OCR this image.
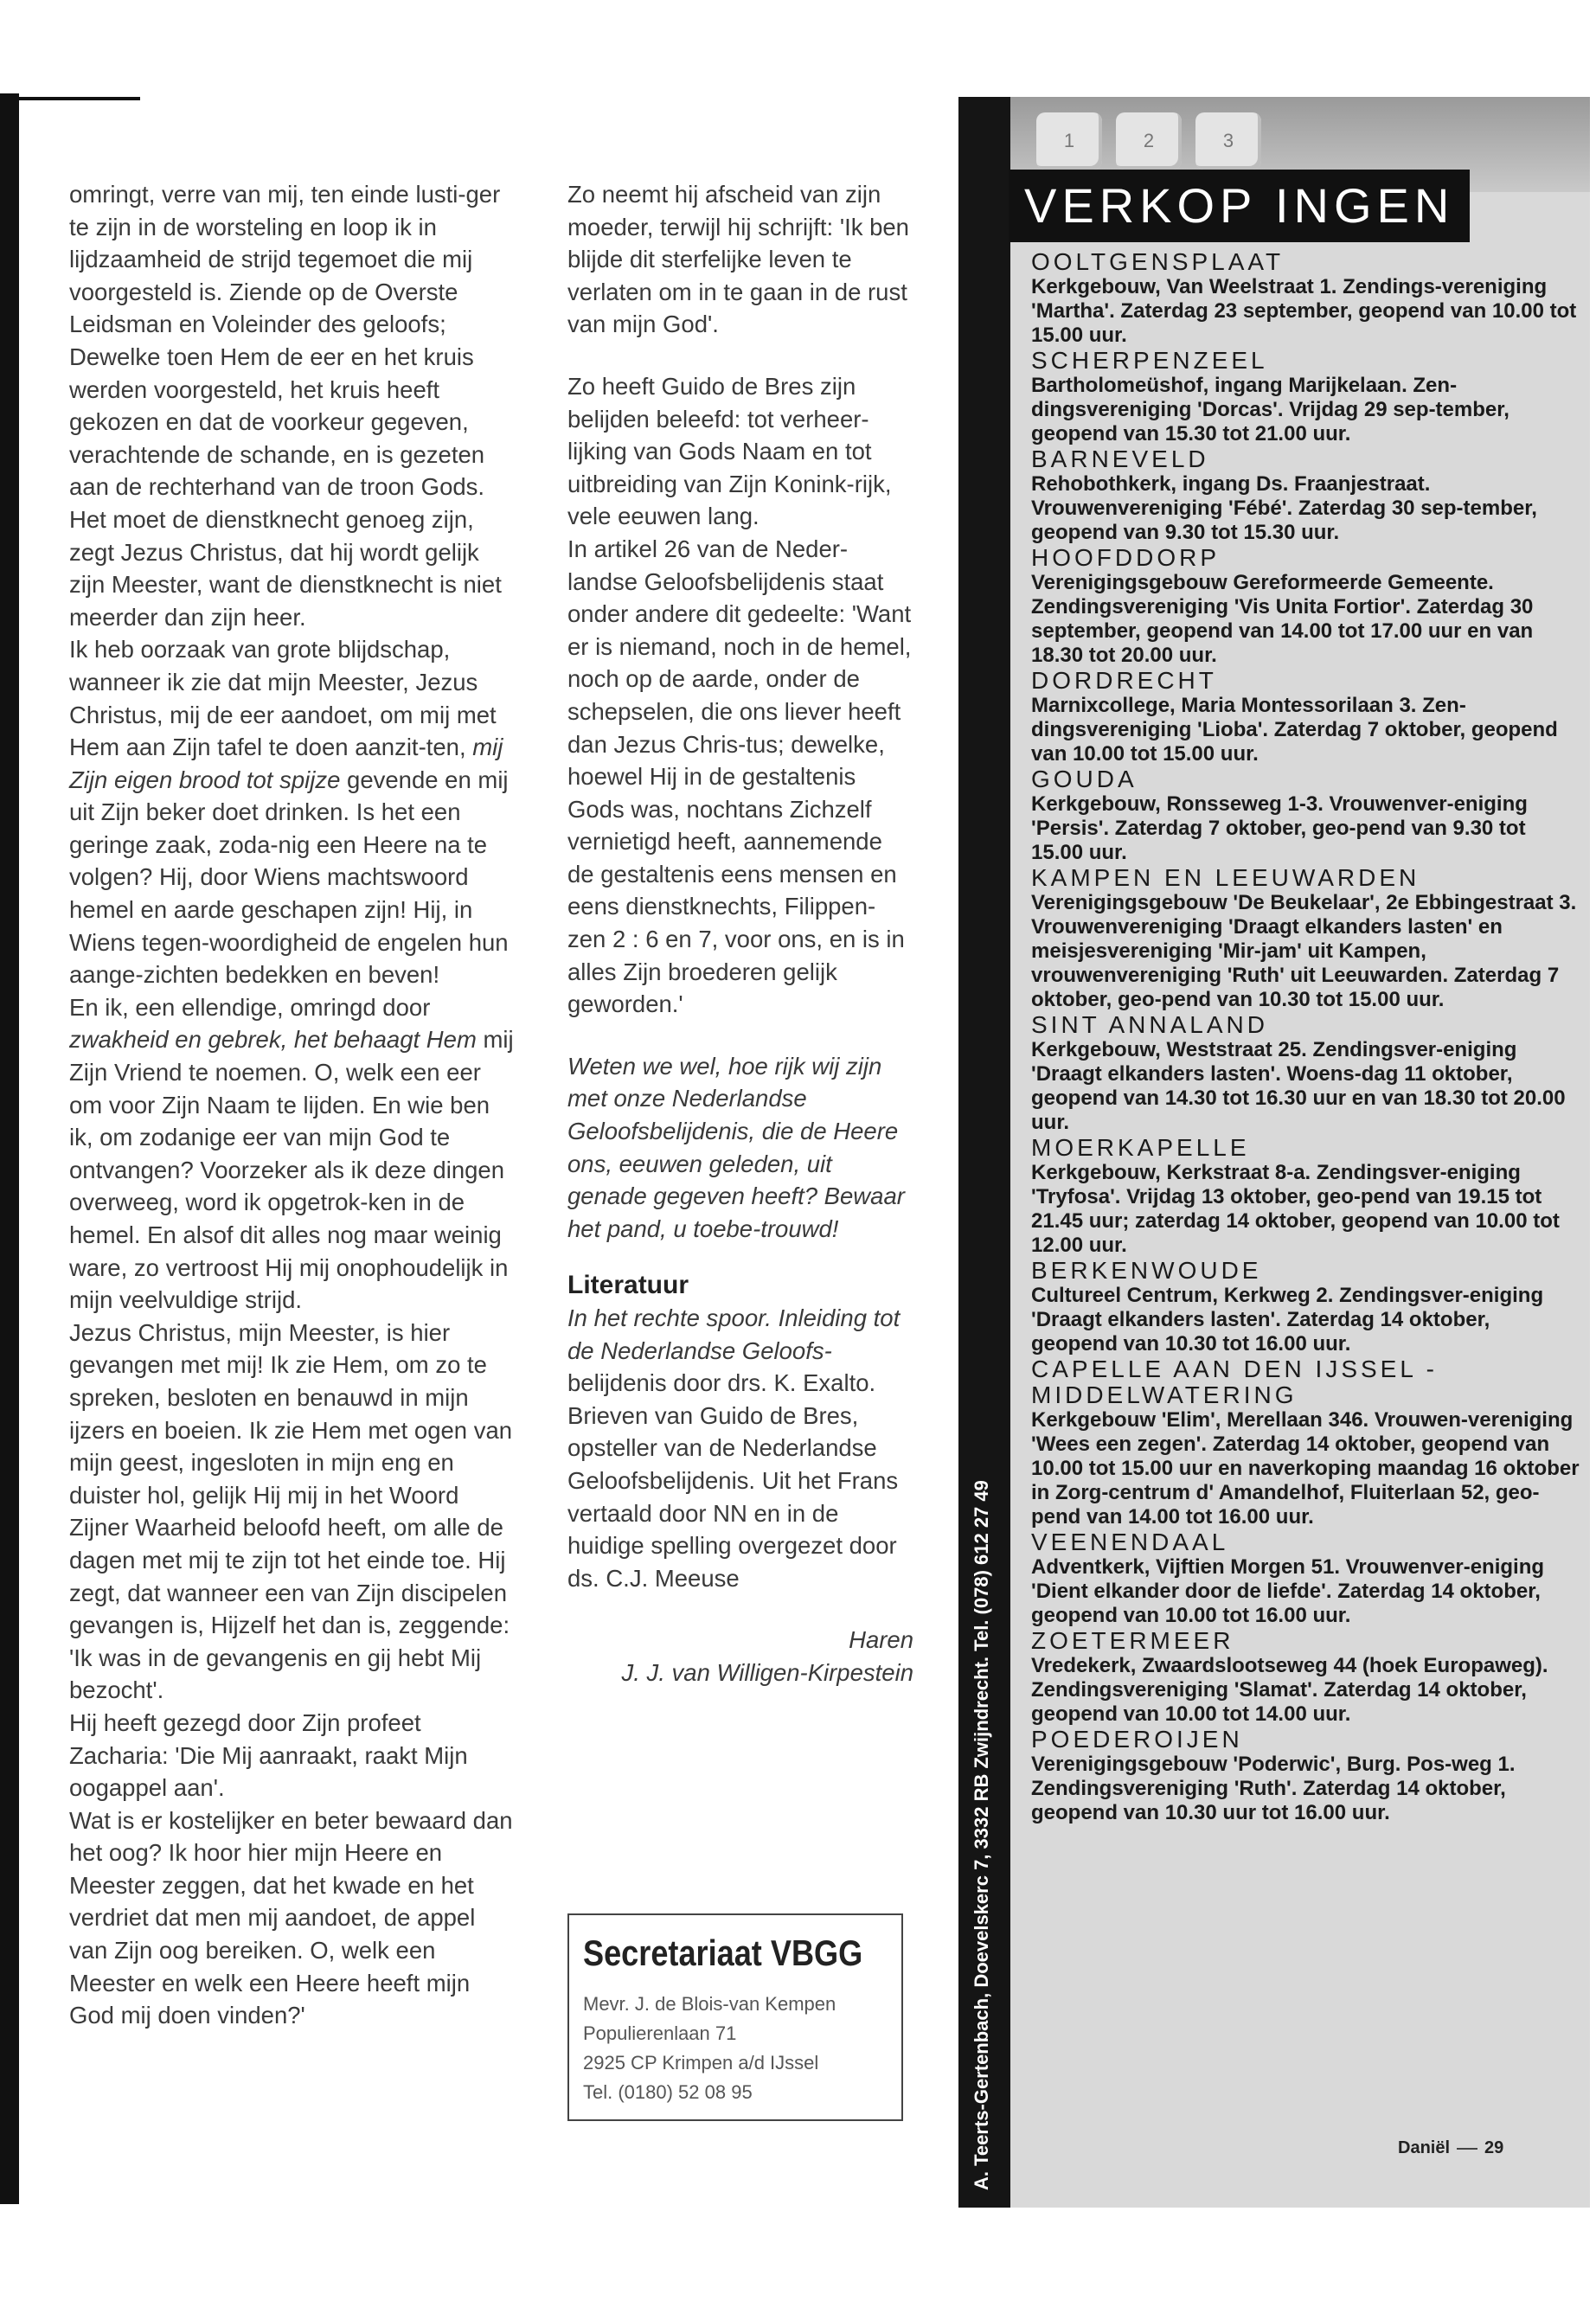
omringt, verre van mij, ten einde lusti-ger te zijn in de worsteling en loop ik in lijdzaamheid de strijd tegemoet die mij voorgesteld is. Ziende op de Overste Leidsman en Voleinder des geloofs; Dewelke toen Hem de eer en het kruis werden voorgesteld, het kruis heeft gekozen en dat de voorkeur gegeven, verachtende de schande, en is gezeten aan de rechterhand van de troon Gods.

Het moet de dienstknecht genoeg zijn, zegt Jezus Christus, dat hij wordt gelijk zijn Meester, want de dienstknecht is niet meerder dan zijn heer.

Ik heb oorzaak van grote blijdschap, wanneer ik zie dat mijn Meester, Jezus Christus, mij de eer aandoet, om mij met Hem aan Zijn tafel te doen aanzit-ten, mij Zijn eigen brood tot spijze gevende en mij uit Zijn beker doet drinken. Is het een geringe zaak, zoda-nig een Heere na te volgen? Hij, door Wiens machtswoord hemel en aarde geschapen zijn! Hij, in Wiens tegen-woordigheid de engelen hun aange-zichten bedekken en beven!

En ik, een ellendige, omringd door zwakheid en gebrek, het behaagt Hem mij Zijn Vriend te noemen. O, welk een eer om voor Zijn Naam te lijden. En wie ben ik, om zodanige eer van mijn God te ontvangen? Voorzeker als ik deze dingen overweeg, word ik opgetrok-ken in de hemel. En alsof dit alles nog maar weinig ware, zo vertroost Hij mij onophoudelijk in mijn veelvuldige strijd.

Jezus Christus, mijn Meester, is hier gevangen met mij! Ik zie Hem, om zo te spreken, besloten en benauwd in mijn ijzers en boeien. Ik zie Hem met ogen van mijn geest, ingesloten in mijn eng en duister hol, gelijk Hij mij in het Woord Zijner Waarheid beloofd heeft, om alle de dagen met mij te zijn tot het einde toe. Hij zegt, dat wanneer een van Zijn discipelen gevangen is, Hijzelf het dan is, zeggende: 'Ik was in de gevangenis en gij hebt Mij bezocht'.

Hij heeft gezegd door Zijn profeet Zacharia: 'Die Mij aanraakt, raakt Mijn oogappel aan'.

Wat is er kostelijker en beter bewaard dan het oog? Ik hoor hier mijn Heere en Meester zeggen, dat het kwade en het verdriet dat men mij aandoet, de appel van Zijn oog bereiken. O, welk een Meester en welk een Heere heeft mijn God mij doen vinden?'

Zo neemt hij afscheid van zijn moeder, terwijl hij schrijft: 'Ik ben blijde dit sterfelijke leven te verlaten om in te gaan in de rust van mijn God'.

Zo heeft Guido de Bres zijn belijden beleefd: tot verheer-lijking van Gods Naam en tot uitbreiding van Zijn Konink-rijk, vele eeuwen lang.

In artikel 26 van de Neder-landse Geloofsbelijdenis staat onder andere dit gedeelte: 'Want er is niemand, noch in de hemel, noch op de aarde, onder de schepselen, die ons liever heeft dan Jezus Chris-tus; dewelke, hoewel Hij in de gestaltenis Gods was, nochtans Zichzelf vernietigd heeft, aannemende de gestaltenis eens mensen en eens dienstknechts, Filippen-zen 2 : 6 en 7, voor ons, en is in alles Zijn broederen gelijk geworden.'

Weten we wel, hoe rijk wij zijn met onze Nederlandse Geloofsbelijdenis, die de Heere ons, eeuwen geleden, uit genade gegeven heeft? Bewaar het pand, u toebe-trouwd!

Literatuur

In het rechte spoor. Inleiding tot de Nederlandse Geloofs- belijdenis door drs. K. Exalto. Brieven van Guido de Bres, opsteller van de Nederlandse Geloofsbelijdenis. Uit het Frans vertaald door NN en in de huidige spelling overgezet door ds. C.J. Meeuse

Haren

J. J. van Willigen-Kirpestein

Secretariaat VBGG

Mevr. J. de Blois-van Kempen

Populierenlaan 71

2925 CP Krimpen a/d IJssel

Tel. (0180) 52 08 95

1	2	3
A. Teerts-Gertenbach, Doevelskerc 7, 3332 RB Zwijndrecht. Tel. (078) 612 27 49
VERKOP INGEN
OOLTGENSPLAAT
Kerkgebouw, Van Weelstraat 1. Zendings-vereniging 'Martha'. Zaterdag 23 september, geopend van 10.00 tot 15.00 uur.
SCHERPENZEEL
Bartholomeüshof, ingang Marijkelaan. Zen-dingsvereniging 'Dorcas'. Vrijdag 29 sep-tember, geopend van 15.30 tot 21.00 uur.
BARNEVELD
Rehobothkerk, ingang Ds. Fraanjestraat. Vrouwenvereniging 'Fébé'. Zaterdag 30 sep-tember, geopend van 9.30 tot 15.30 uur.
HOOFDDORP
Verenigingsgebouw Gereformeerde Gemeente. Zendingsvereniging 'Vis Unita Fortior'. Zaterdag 30 september, geopend van 14.00 tot 17.00 uur en van 18.30 tot 20.00 uur.
DORDRECHT
Marnixcollege, Maria Montessorilaan 3. Zen-dingsvereniging 'Lioba'. Zaterdag 7 oktober, geopend van 10.00 tot 15.00 uur.
GOUDA
Kerkgebouw, Ronsseweg 1-3. Vrouwenver-eniging 'Persis'. Zaterdag 7 oktober, geo-pend van 9.30 tot 15.00 uur.
KAMPEN EN LEEUWARDEN
Verenigingsgebouw 'De Beukelaar', 2e Ebbingestraat 3. Vrouwenvereniging 'Draagt elkanders lasten' en meisjesvereniging 'Mir-jam' uit Kampen, vrouwenvereniging 'Ruth' uit Leeuwarden. Zaterdag 7 oktober, geo-pend van 10.30 tot 15.00 uur.
SINT ANNALAND
Kerkgebouw, Weststraat 25. Zendingsver-eniging 'Draagt elkanders lasten'. Woens-dag 11 oktober, geopend van 14.30 tot 16.30 uur en van 18.30 tot 20.00 uur.
MOERKAPELLE
Kerkgebouw, Kerkstraat 8-a. Zendingsver-eniging 'Tryfosa'. Vrijdag 13 oktober, geo-pend van 19.15 tot 21.45 uur; zaterdag 14 oktober, geopend van 10.00 tot 12.00 uur.
BERKENWOUDE
Cultureel Centrum, Kerkweg 2. Zendingsver-eniging 'Draagt elkanders lasten'. Zaterdag 14 oktober, geopend van 10.30 tot 16.00 uur.
CAPELLE AAN DEN IJSSEL - MIDDELWATERING
Kerkgebouw 'Elim', Merellaan 346. Vrouwen-vereniging 'Wees een zegen'. Zaterdag 14 oktober, geopend van 10.00 tot 15.00 uur en naverkoping maandag 16 oktober in Zorg-centrum d' Amandelhof, Fluiterlaan 52, geo-pend van 14.00 tot 16.00 uur.
VEENENDAAL
Adventkerk, Vijftien Morgen 51. Vrouwenver-eniging 'Dient elkander door de liefde'. Zaterdag 14 oktober, geopend van 10.00 tot 16.00 uur.
ZOETERMEER
Vredekerk, Zwaardslootseweg 44 (hoek Europaweg). Zendingsvereniging 'Slamat'. Zaterdag 14 oktober, geopend van 10.00 tot 14.00 uur.
POEDEROIJEN
Verenigingsgebouw 'Poderwic', Burg. Pos-weg 1. Zendingsvereniging 'Ruth'. Zaterdag 14 oktober, geopend van 10.30 uur tot 16.00 uur.
Daniël 29
